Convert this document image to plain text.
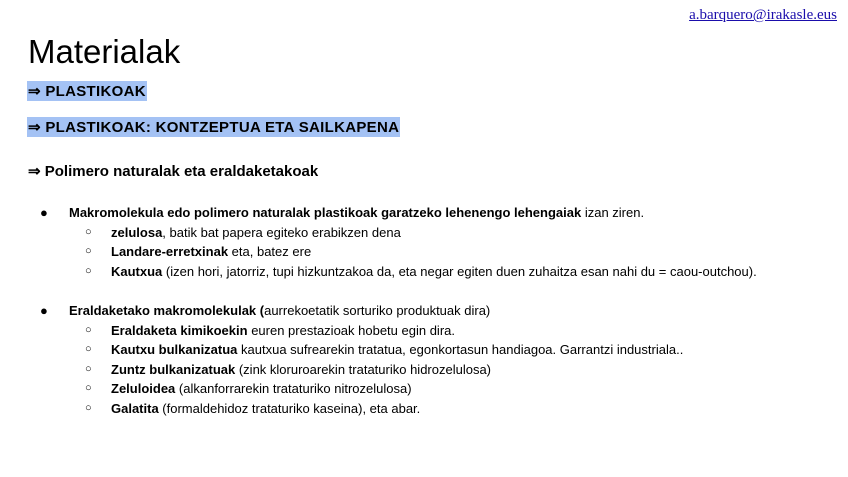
a.barquero@irakasle.eus
Materialak
⇒ PLASTIKOAK
⇒ PLASTIKOAK: KONTZEPTUA ETA SAILKAPENA
⇒ Polimero naturalak eta eraldaketakoak
● Makromolekula edo polimero naturalak plastikoak garatzeko lehenengo lehengaiak izan ziren.
○ zelulosa, batik bat papera egiteko erabikzen dena
○ Landare-erretxinak eta, batez ere
○ Kautxua (izen hori, jatorriz, tupi hizkuntzakoa da, eta negar egiten duen zuhaitza esan nahi du = caou-outchou).
● Eraldaketako makromolekulak (aurrekoetatik sorturiko produktuak dira)
○ Eraldaketa kimikoekin euren prestazioak hobetu egin dira.
○ Kautxu bulkanizatua kautxua sufrearekin tratatua, egonkortasun handiagoa. Garrantzi industriala..
○ Zuntz bulkanizatuak (zink kloruroarekin trataturiko hidrozelulosa)
○ Zeluloidea (alkanforrarekin trataturiko nitrozelulosa)
○ Galatita (formaldehidoz trataturiko kaseina), eta abar.
